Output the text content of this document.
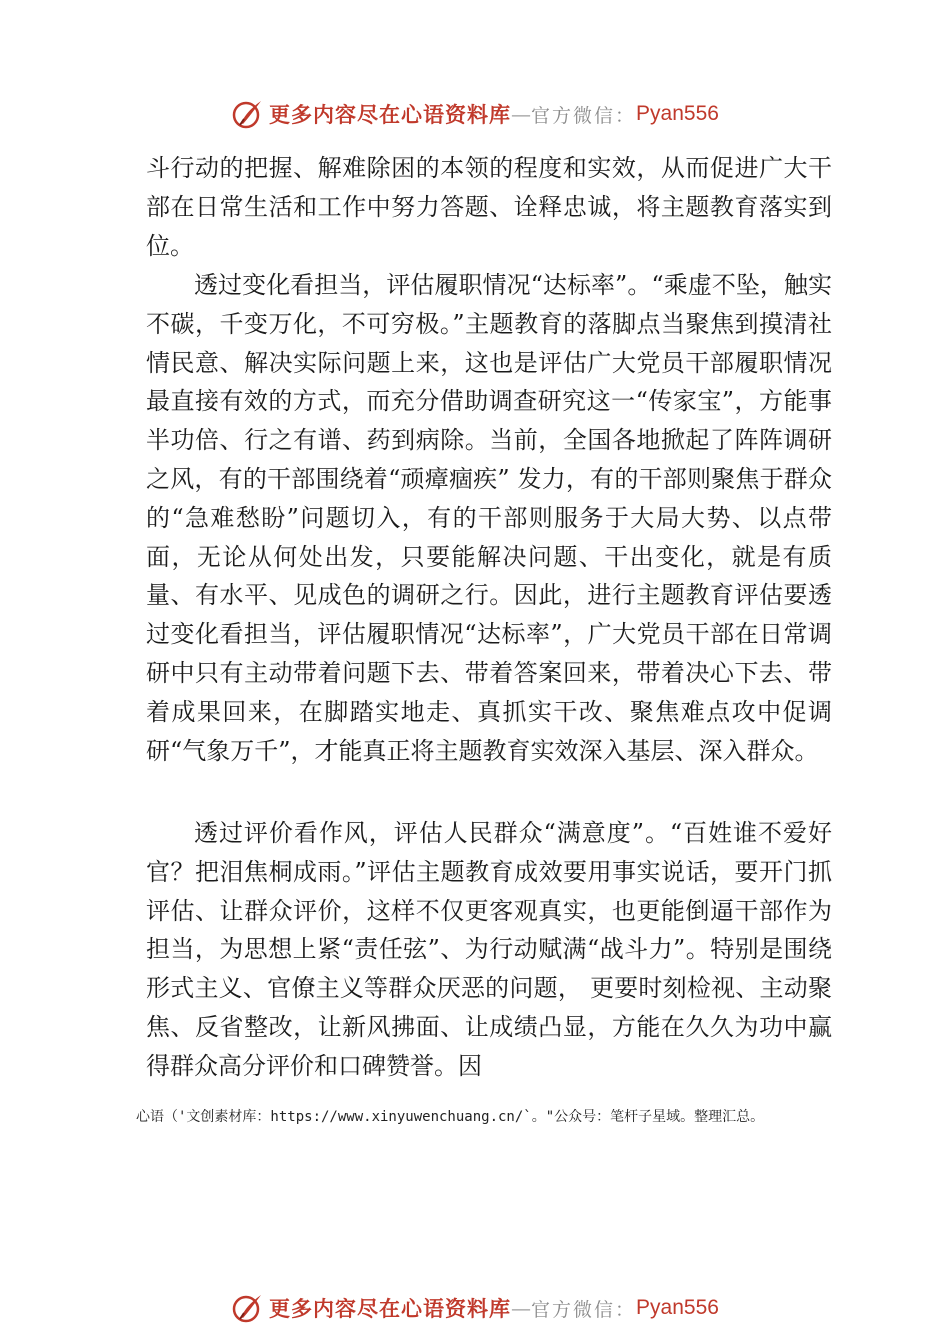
更多内容尽在心语资料库 — 官方微信： Pyan556

斗行动的把握、解难除困的本领的程度和实效，从而促进广大干部在日常生活和工作中努力答题、诠释忠诚，将主题教育落实到位。

透过变化看担当，评估履职情况“达标率”。“乘虚不坠，触实不碳，千变万化，不可穷极。”主题教育的落脚点当聚焦到摸清社情民意、解决实际问题上来，这也是评估广大党员干部履职情况最直接有效的方式，而充分借助调查研究这一“传家宝”，方能事半功倍、行之有谱、药到病除。当前，全国各地掀起了阵阵调研之风，有的干部围绕着“顽瘴痼疾” 发力，有的干部则聚焦于群众的“急难愁盼”问题切入，有的干部则服务于大局大势、以点带面，无论从何处出发，只要能解决问题、干出变化，就是有质量、有水平、见成色的调研之行。因此，进行主题教育评估要透过变化看担当，评估履职情况“达标率”，广大党员干部在日常调研中只有主动带着问题下去、带着答案回来，带着决心下去、带着成果回来，在脚踏实地走、真抓实干改、聚焦难点攻中促调研“气象万千”，才能真正将主题教育实效深入基层、深入群众。

透过评价看作风，评估人民群众“满意度”。“百姓谁不爱好官？把泪焦桐成雨。”评估主题教育成效要用事实说话，要开门抓评估、让群众评价，这样不仅更客观真实，也更能倒逼干部作为担当，为思想上紧“责任弦”、为行动赋满“战斗力”。特别是围绕形式主义、官僚主义等群众厌恶的问题， 更要时刻检视、主动聚焦、反省整改，让新风拂面、让成绩凸显，方能在久久为功中赢得群众高分评价和口碑赞誉。因

心语（'文创素材库：https://www.xinyuwenchuang.cn/`。"公众号：笔杆子星域。整理汇总。

更多内容尽在心语资料库 — 官方微信： Pyan556
